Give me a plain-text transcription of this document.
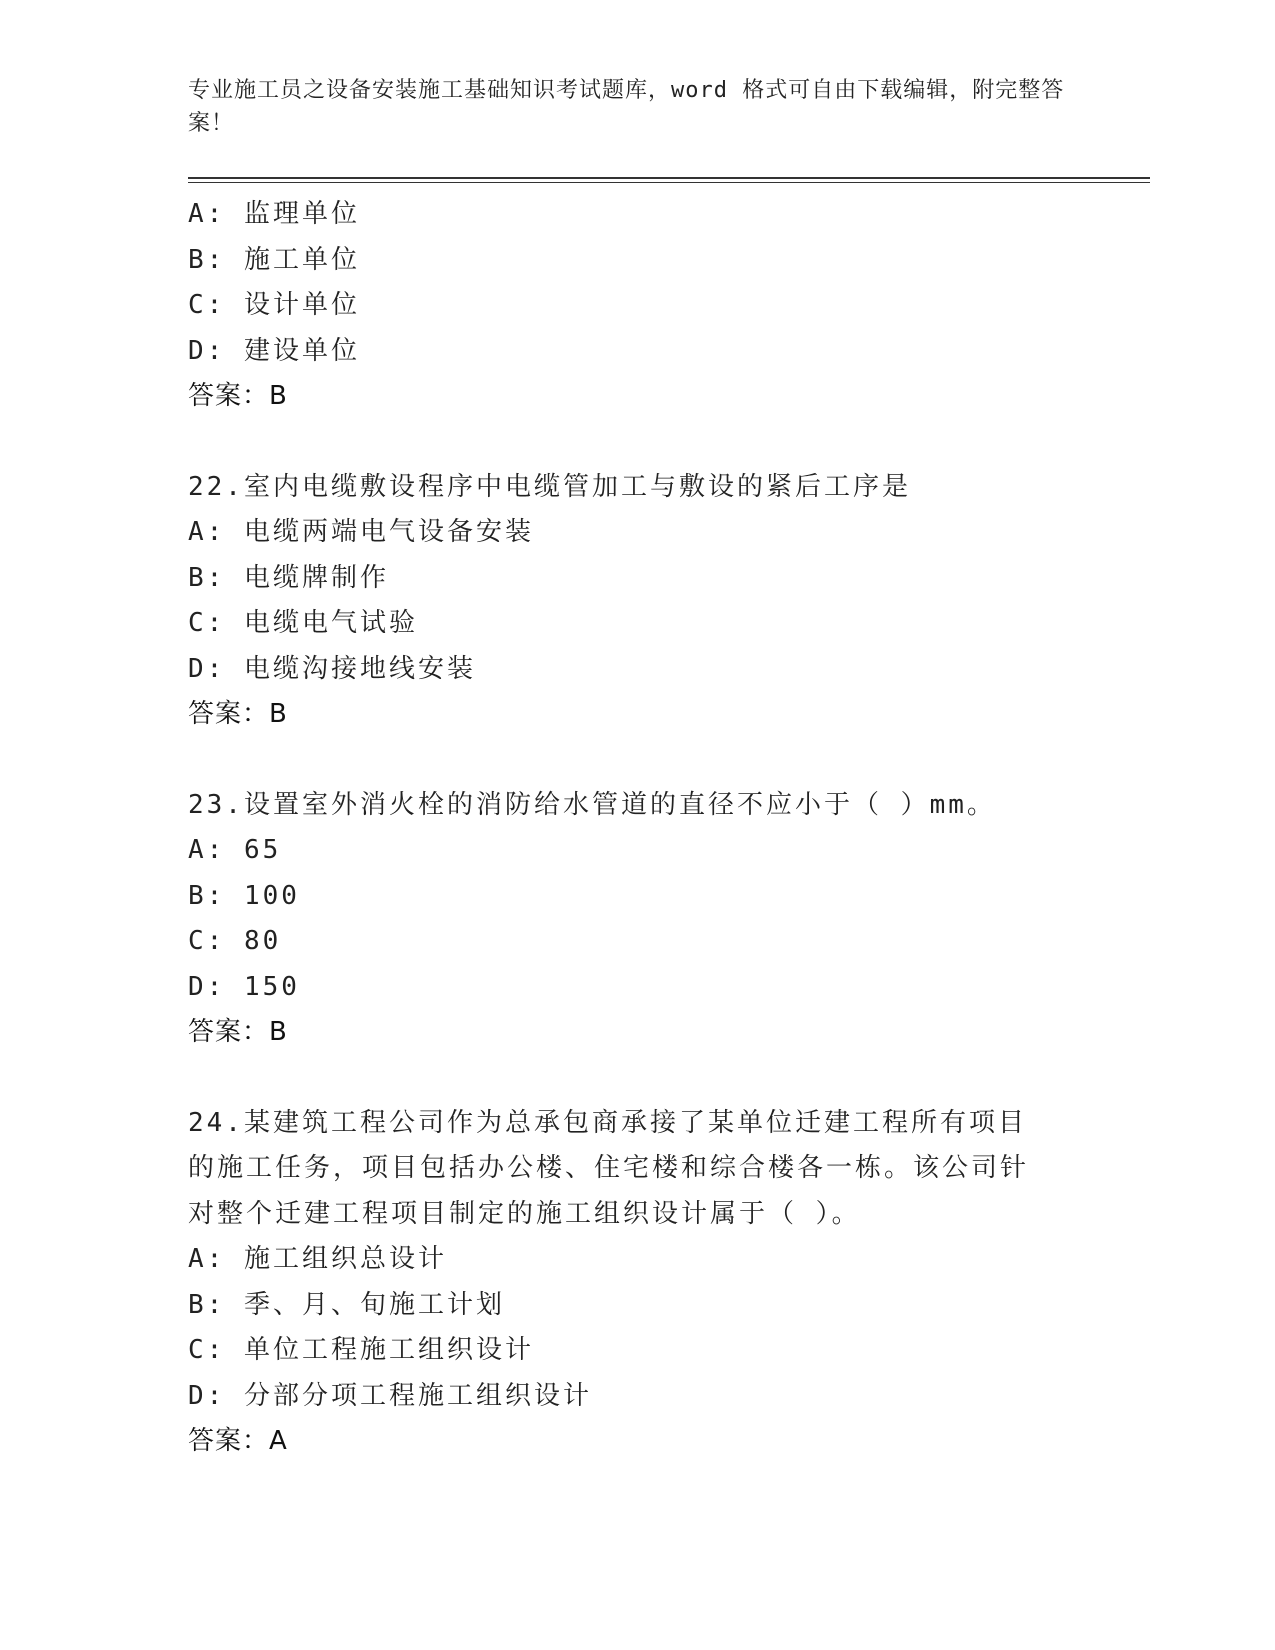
专业施工员之设备安装施工基础知识考试题库，word 格式可自由下载编辑，附完整答案！
A: 监理单位
B: 施工单位
C: 设计单位
D: 建设单位
答案：B
22.室内电缆敷设程序中电缆管加工与敷设的紧后工序是
A: 电缆两端电气设备安装
B: 电缆牌制作
C: 电缆电气试验
D: 电缆沟接地线安装
答案：B
23.设置室外消火栓的消防给水管道的直径不应小于（ ）mm。
A: 65
B: 100
C: 80
D: 150
答案：B
24.某建筑工程公司作为总承包商承接了某单位迁建工程所有项目的施工任务，项目包括办公楼、住宅楼和综合楼各一栋。该公司针对整个迁建工程项目制定的施工组织设计属于（ ）。
A: 施工组织总设计
B: 季、月、旬施工计划
C: 单位工程施工组织设计
D: 分部分项工程施工组织设计
答案：A
